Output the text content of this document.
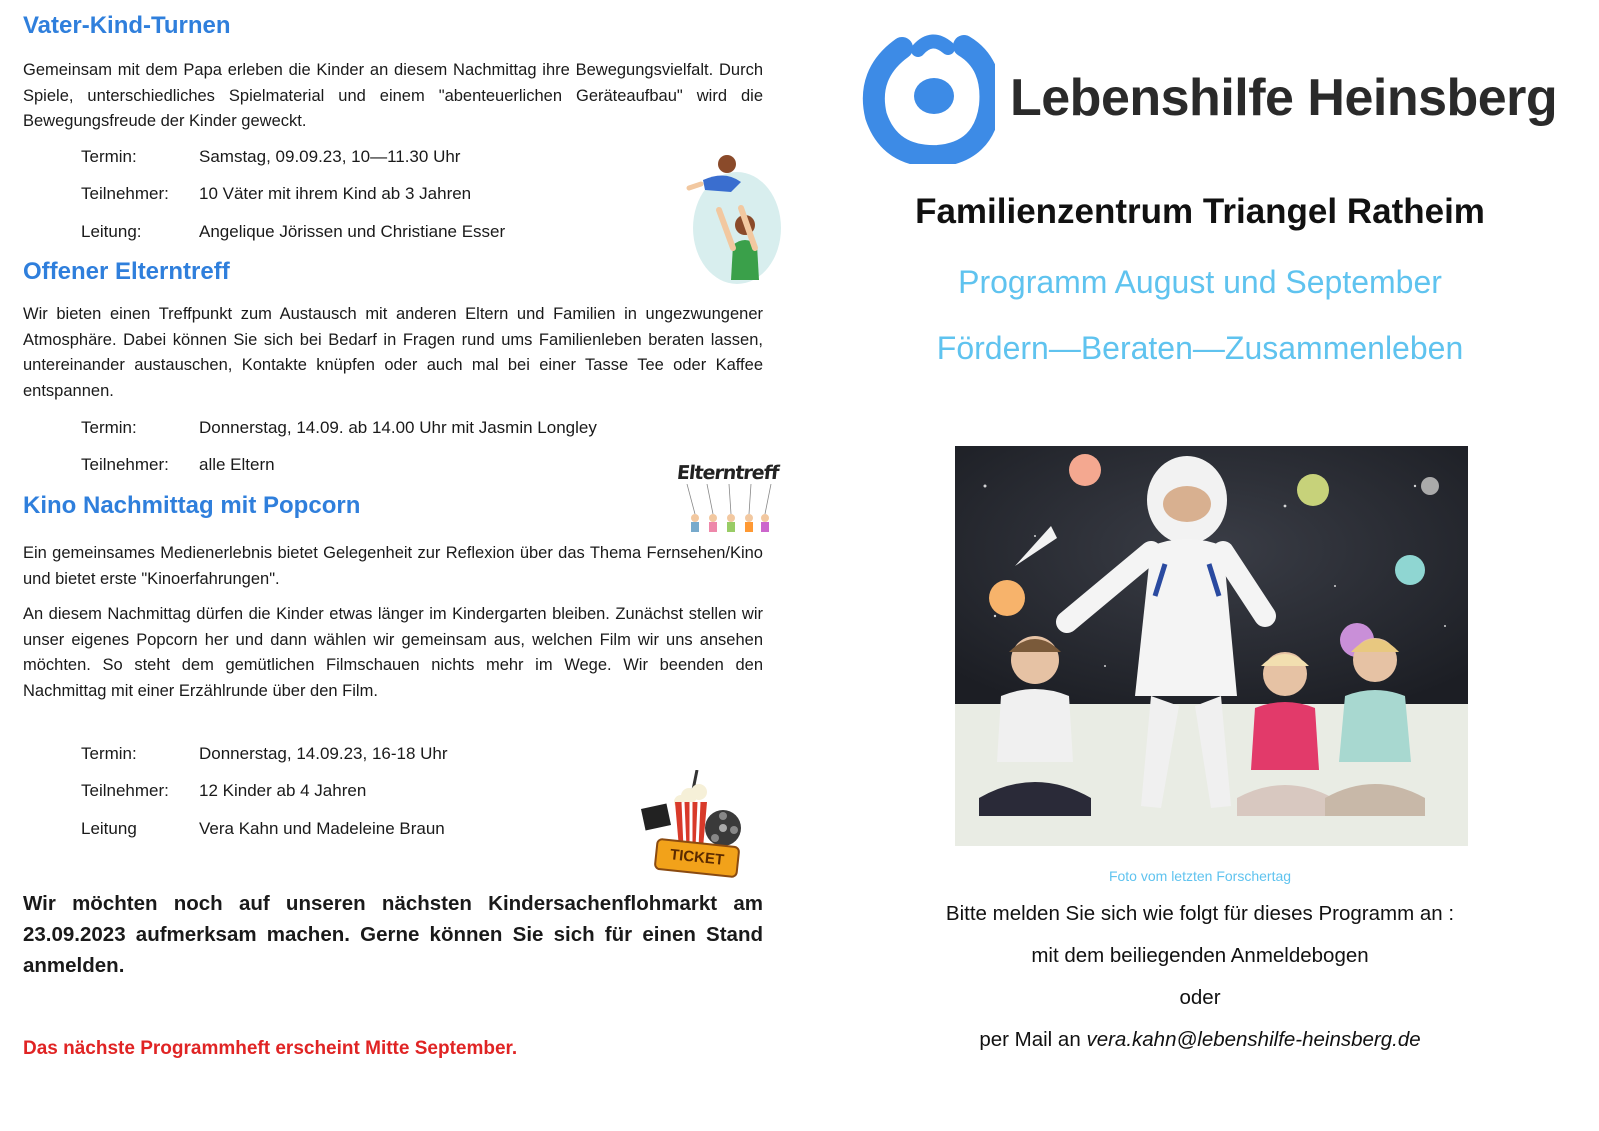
Vater-Kind-Turnen

Gemeinsam mit dem Papa erleben die Kinder an diesem Nachmittag ihre Bewegungsvielfalt. Durch Spiele, unterschiedliches Spielmaterial und einem "abenteuerlichen Geräteaufbau" wird die Bewegungsfreude der Kinder geweckt.

Termin:	Samstag, 09.09.23, 10—11.30 Uhr
Teilnehmer: 10 Väter mit ihrem Kind ab 3 Jahren
Leitung:	Angelique Jörissen und Christiane Esser
Offener Elterntreff

Wir bieten einen Treffpunkt zum Austausch mit anderen Eltern und Familien in ungezwungener Atmosphäre. Dabei können Sie sich bei Bedarf in Fragen rund ums Familienleben beraten lassen, untereinander austauschen, Kontakte knüpfen oder auch mal bei einer Tasse Tee oder Kaffee entspannen.

Termin:	Donnerstag, 14.09. ab 14.00 Uhr mit Jasmin Longley
Teilnehmer: alle Eltern	Elterntreff
Kino Nachmittag mit Popcorn

Ein gemeinsames Medienerlebnis bietet Gelegenheit zur Reflexion über das Thema Fernsehen/Kino und bietet erste "Kinoerfahrungen".

An diesem Nachmittag dürfen die Kinder etwas länger im Kindergarten bleiben. Zunächst stellen wir unser eigenes Popcorn her und dann wählen wir gemeinsam aus, welchen Film wir uns ansehen möchten. So steht dem gemütlichen Filmschauen nichts mehr im Wege. Wir beenden den Nachmittag mit einer Erzählrunde über den Film.

Termin:	Donnerstag, 14.09.23, 16-18 Uhr
Teilnehmer: 12 Kinder ab 4 Jahren
Leitung	Vera Kahn und Madeleine Braun
TICKET

Wir möchten noch auf unseren nächsten Kindersachenflohmarkt am 23.09.2023 aufmerksam machen. Gerne können Sie sich für einen Stand anmelden.

Das nächste Programmheft erscheint Mitte September.
Lebenshilfe Heinsberg
Familienzentrum Triangel Ratheim
Programm August und September
Fördern—Beraten—Zusammenleben
Foto vom letzten Forschertag
Bitte melden Sie sich wie folgt für dieses Programm an :
mit dem beiliegenden Anmeldebogen
oder
per Mail an vera.kahn@lebenshilfe-heinsberg.de
